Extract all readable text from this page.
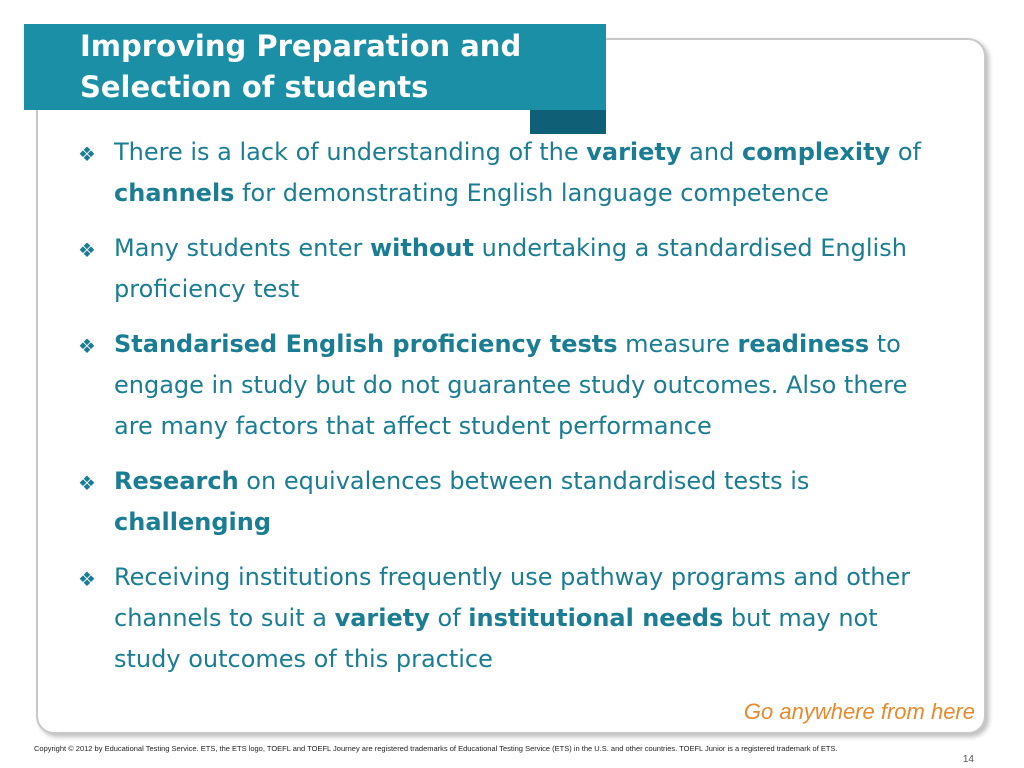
Improving Preparation and
Selection of students
❖ There is a lack of understanding of the variety and complexity of channels for demonstrating English language competence
❖ Many students enter without undertaking a standardised English proficiency test
❖ Standarised English proficiency tests measure readiness to engage in study but do not guarantee study outcomes. Also there are many factors that affect student performance
❖ Research on equivalences between standardised tests is challenging
❖ Receiving institutions frequently use pathway programs and other channels to suit a variety of institutional needs but may not study outcomes of this practice
Go anywhere from here
Copyright © 2012 by Educational Testing Service. ETS, the ETS logo, TOEFL and TOEFL Journey are registered trademarks of Educational Testing Service (ETS) in the U.S. and other countries. TOEFL Junior is a registered trademark of ETS.
14
